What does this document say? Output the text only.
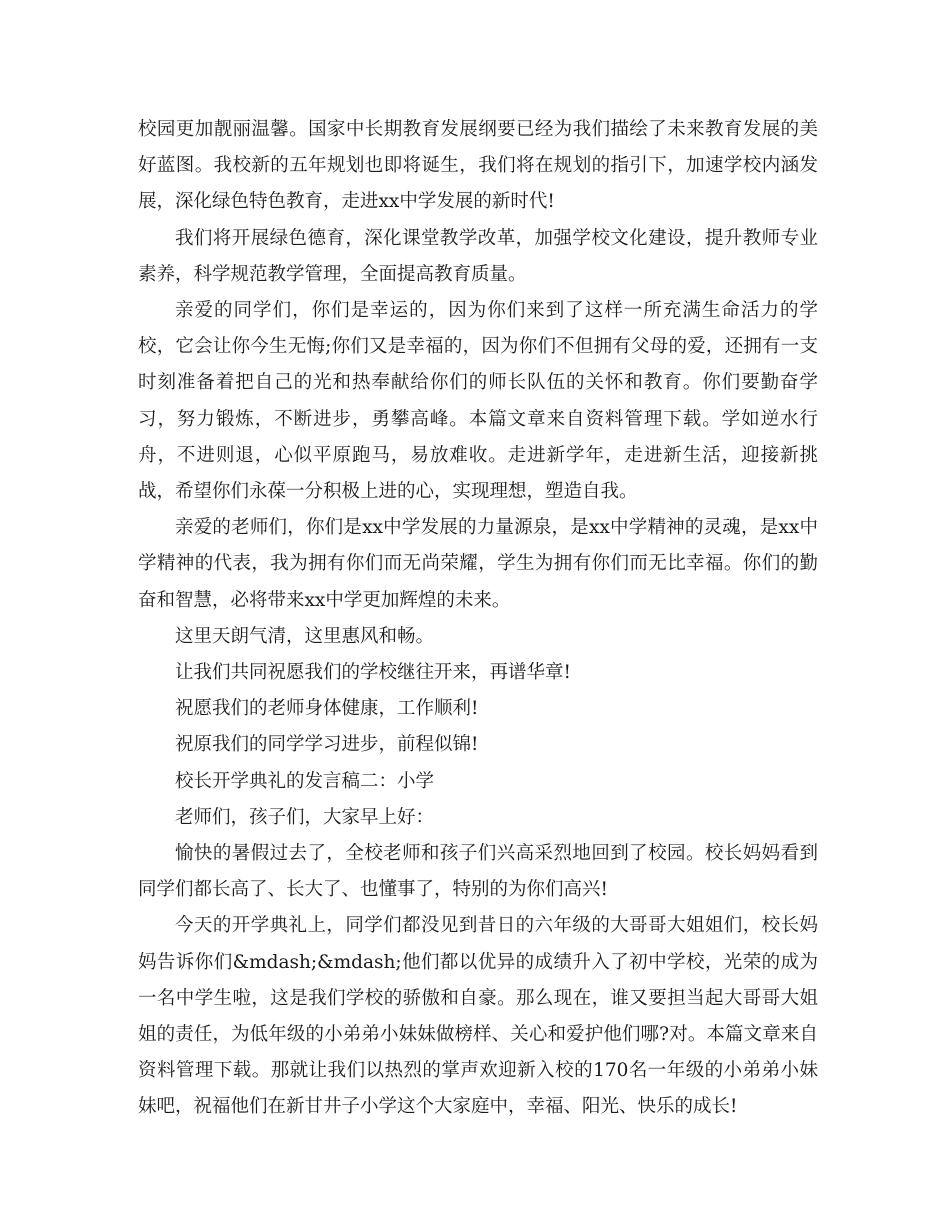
校园更加靓丽温馨。国家中长期教育发展纲要已经为我们描绘了未来教育发展的美好蓝图。我校新的五年规划也即将诞生，我们将在规划的指引下，加速学校内涵发展，深化绿色特色教育，走进xx中学发展的新时代!

我们将开展绿色德育，深化课堂教学改革，加强学校文化建设，提升教师专业素养，科学规范教学管理，全面提高教育质量。

亲爱的同学们，你们是幸运的，因为你们来到了这样一所充满生命活力的学校，它会让你今生无悔;你们又是幸福的，因为你们不但拥有父母的爱，还拥有一支时刻准备着把自己的光和热奉献给你们的师长队伍的关怀和教育。你们要勤奋学习，努力锻炼，不断进步，勇攀高峰。本篇文章来自资料管理下载。学如逆水行舟，不进则退，心似平原跑马，易放难收。走进新学年，走进新生活，迎接新挑战，希望你们永葆一分积极上进的心，实现理想，塑造自我。

亲爱的老师们，你们是xx中学发展的力量源泉，是xx中学精神的灵魂，是xx中学精神的代表，我为拥有你们而无尚荣耀，学生为拥有你们而无比幸福。你们的勤奋和智慧，必将带来xx中学更加辉煌的未来。

这里天朗气清，这里惠风和畅。

让我们共同祝愿我们的学校继往开来，再谱华章!

祝愿我们的老师身体健康，工作顺利!

祝原我们的同学学习进步，前程似锦!

校长开学典礼的发言稿二：小学

老师们，孩子们，大家早上好：

愉快的暑假过去了，全校老师和孩子们兴高采烈地回到了校园。校长妈妈看到同学们都长高了、长大了、也懂事了，特别的为你们高兴!

今天的开学典礼上，同学们都没见到昔日的六年级的大哥哥大姐姐们，校长妈妈告诉你们&mdash;&mdash;他们都以优异的成绩升入了初中学校，光荣的成为一名中学生啦，这是我们学校的骄傲和自豪。那么现在，谁又要担当起大哥哥大姐姐的责任，为低年级的小弟弟小妹妹做榜样、关心和爱护他们哪?对。本篇文章来自资料管理下载。那就让我们以热烈的掌声欢迎新入校的170名一年级的小弟弟小妹妹吧，祝福他们在新甘井子小学这个大家庭中，幸福、阳光、快乐的成长!
